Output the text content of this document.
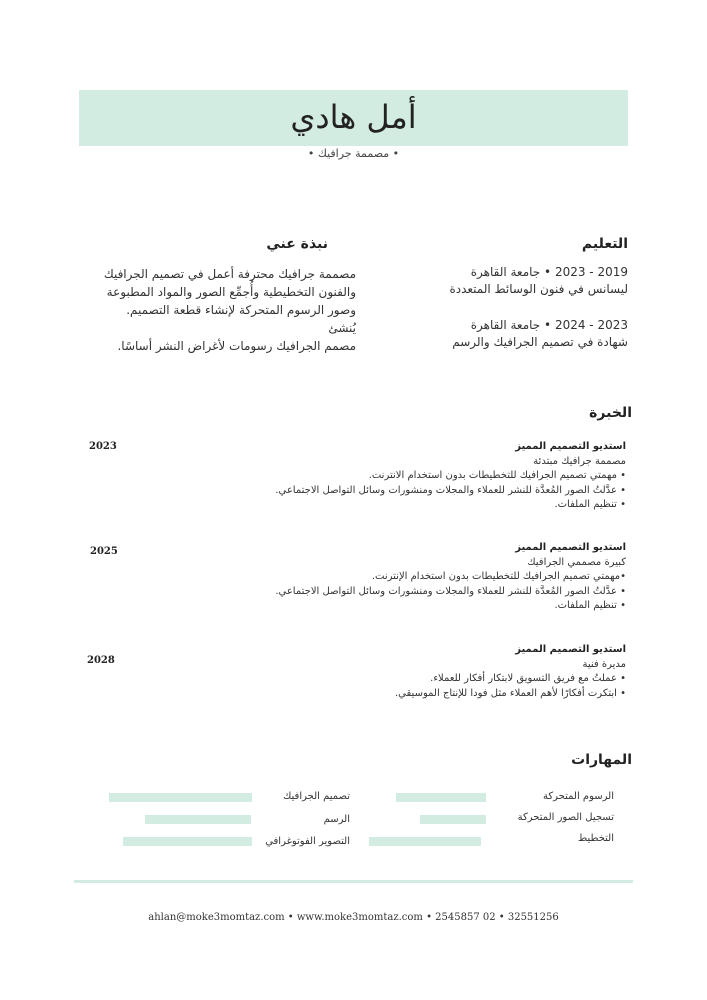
أمل هادي
• مصممة جرافيك •
التعليم
2019 - 2023 • جامعة القاهرة
ليسانس في فنون الوسائط المتعددة
2023 - 2024 • جامعة القاهرة
شهادة في تصميم الجرافيك والرسم
نبذة عني
مصممة جرافيك محترفة أعمل في تصميم الجرافيك
والفنون التخطيطية وأُجمِّع الصور والمواد المطبوعة
وصور الرسوم المتحركة لإنشاء قطعة التصميم. يُنشئ
مصمم الجرافيك رسومات لأغراض النشر أساسًا.
الخبرة
2023	استديو التصميم المميز
مصممة جرافيك مبتدئة
• مهمتي تصميم الجرافيك للتخطيطات بدون استخدام الانترنت.
• عدَّلتُ الصور المُعدَّة للنشر للعملاء والمجلات ومنشورات وسائل التواصل الاجتماعي.
• تنظيم الملفات.
2025	استديو التصميم المميز
كبيرة مصممي الجرافيك
•مهمتي تصميم الجرافيك للتخطيطات بدون استخدام الإنترنت.
• عدَّلتُ الصور المُعدَّة للنشر للعملاء والمجلات ومنشورات وسائل التواصل الاجتماعي.
• تنظيم الملفات.
2028
استديو التصميم المميز
مديرة فنية
• عملتُ مع فريق التسويق لابتكار أفكار للعملاء.
• ابتكرت أفكارًا لأهم العملاء مثل فودا للإنتاج الموسيقي.
المهارات
الرسوم المتحركة
تسجيل الصور المتحركة
التخطيط
تصميم الجرافيك
الرسم
التصوير الفوتوغرافي
ahlan@moke3momtaz.com • www.moke3momtaz.com • 2545857 02 • 32551256
